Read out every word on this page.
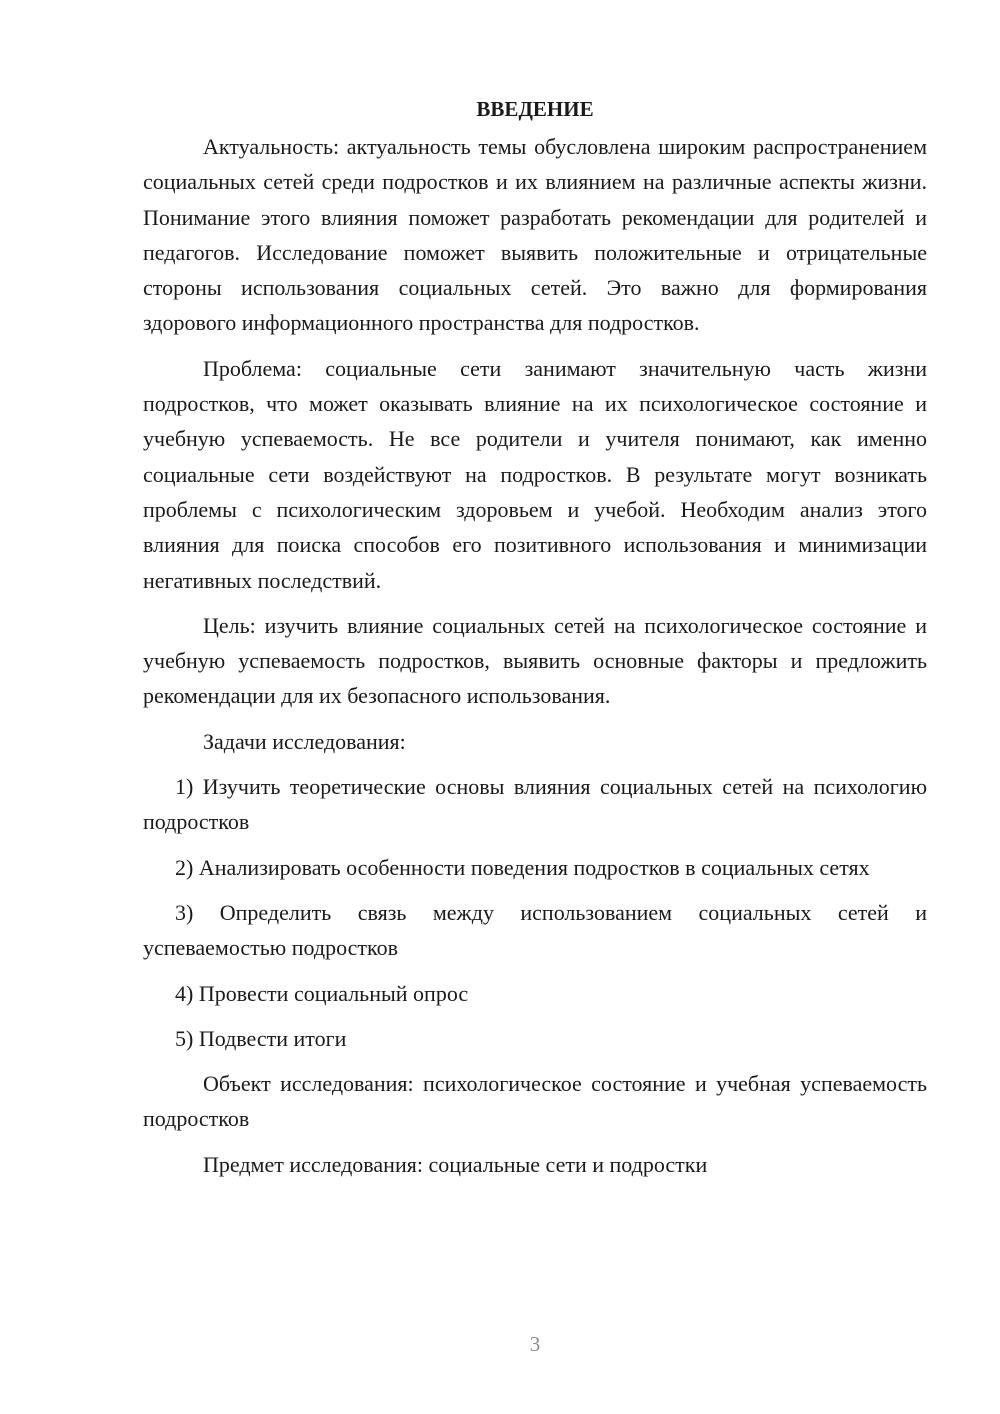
ВВЕДЕНИЕ

Актуальность: актуальность темы обусловлена широким распространением социальных сетей среди подростков и их влиянием на различные аспекты жизни. Понимание этого влияния поможет разработать рекомендации для родителей и педагогов. Исследование поможет выявить положительные и отрицательные стороны использования социальных сетей. Это важно для формирования здорового информационного пространства для подростков.

Проблема: социальные сети занимают значительную часть жизни подростков, что может оказывать влияние на их психологическое состояние и учебную успеваемость. Не все родители и учителя понимают, как именно социальные сети воздействуют на подростков. В результате могут возникать проблемы с психологическим здоровьем и учебой. Необходим анализ этого влияния для поиска способов его позитивного использования и минимизации негативных последствий.

Цель: изучить влияние социальных сетей на психологическое состояние и учебную успеваемость подростков, выявить основные факторы и предложить рекомендации для их безопасного использования.

Задачи исследования:

1) Изучить теоретические основы влияния социальных сетей на психологию подростков

2) Анализировать особенности поведения подростков в социальных сетях

3) Определить связь между использованием социальных сетей и успеваемостью подростков

4) Провести социальный опрос

5) Подвести итоги

Объект исследования: психологическое состояние и учебная успеваемость подростков

Предмет исследования: социальные сети и подростки

3
